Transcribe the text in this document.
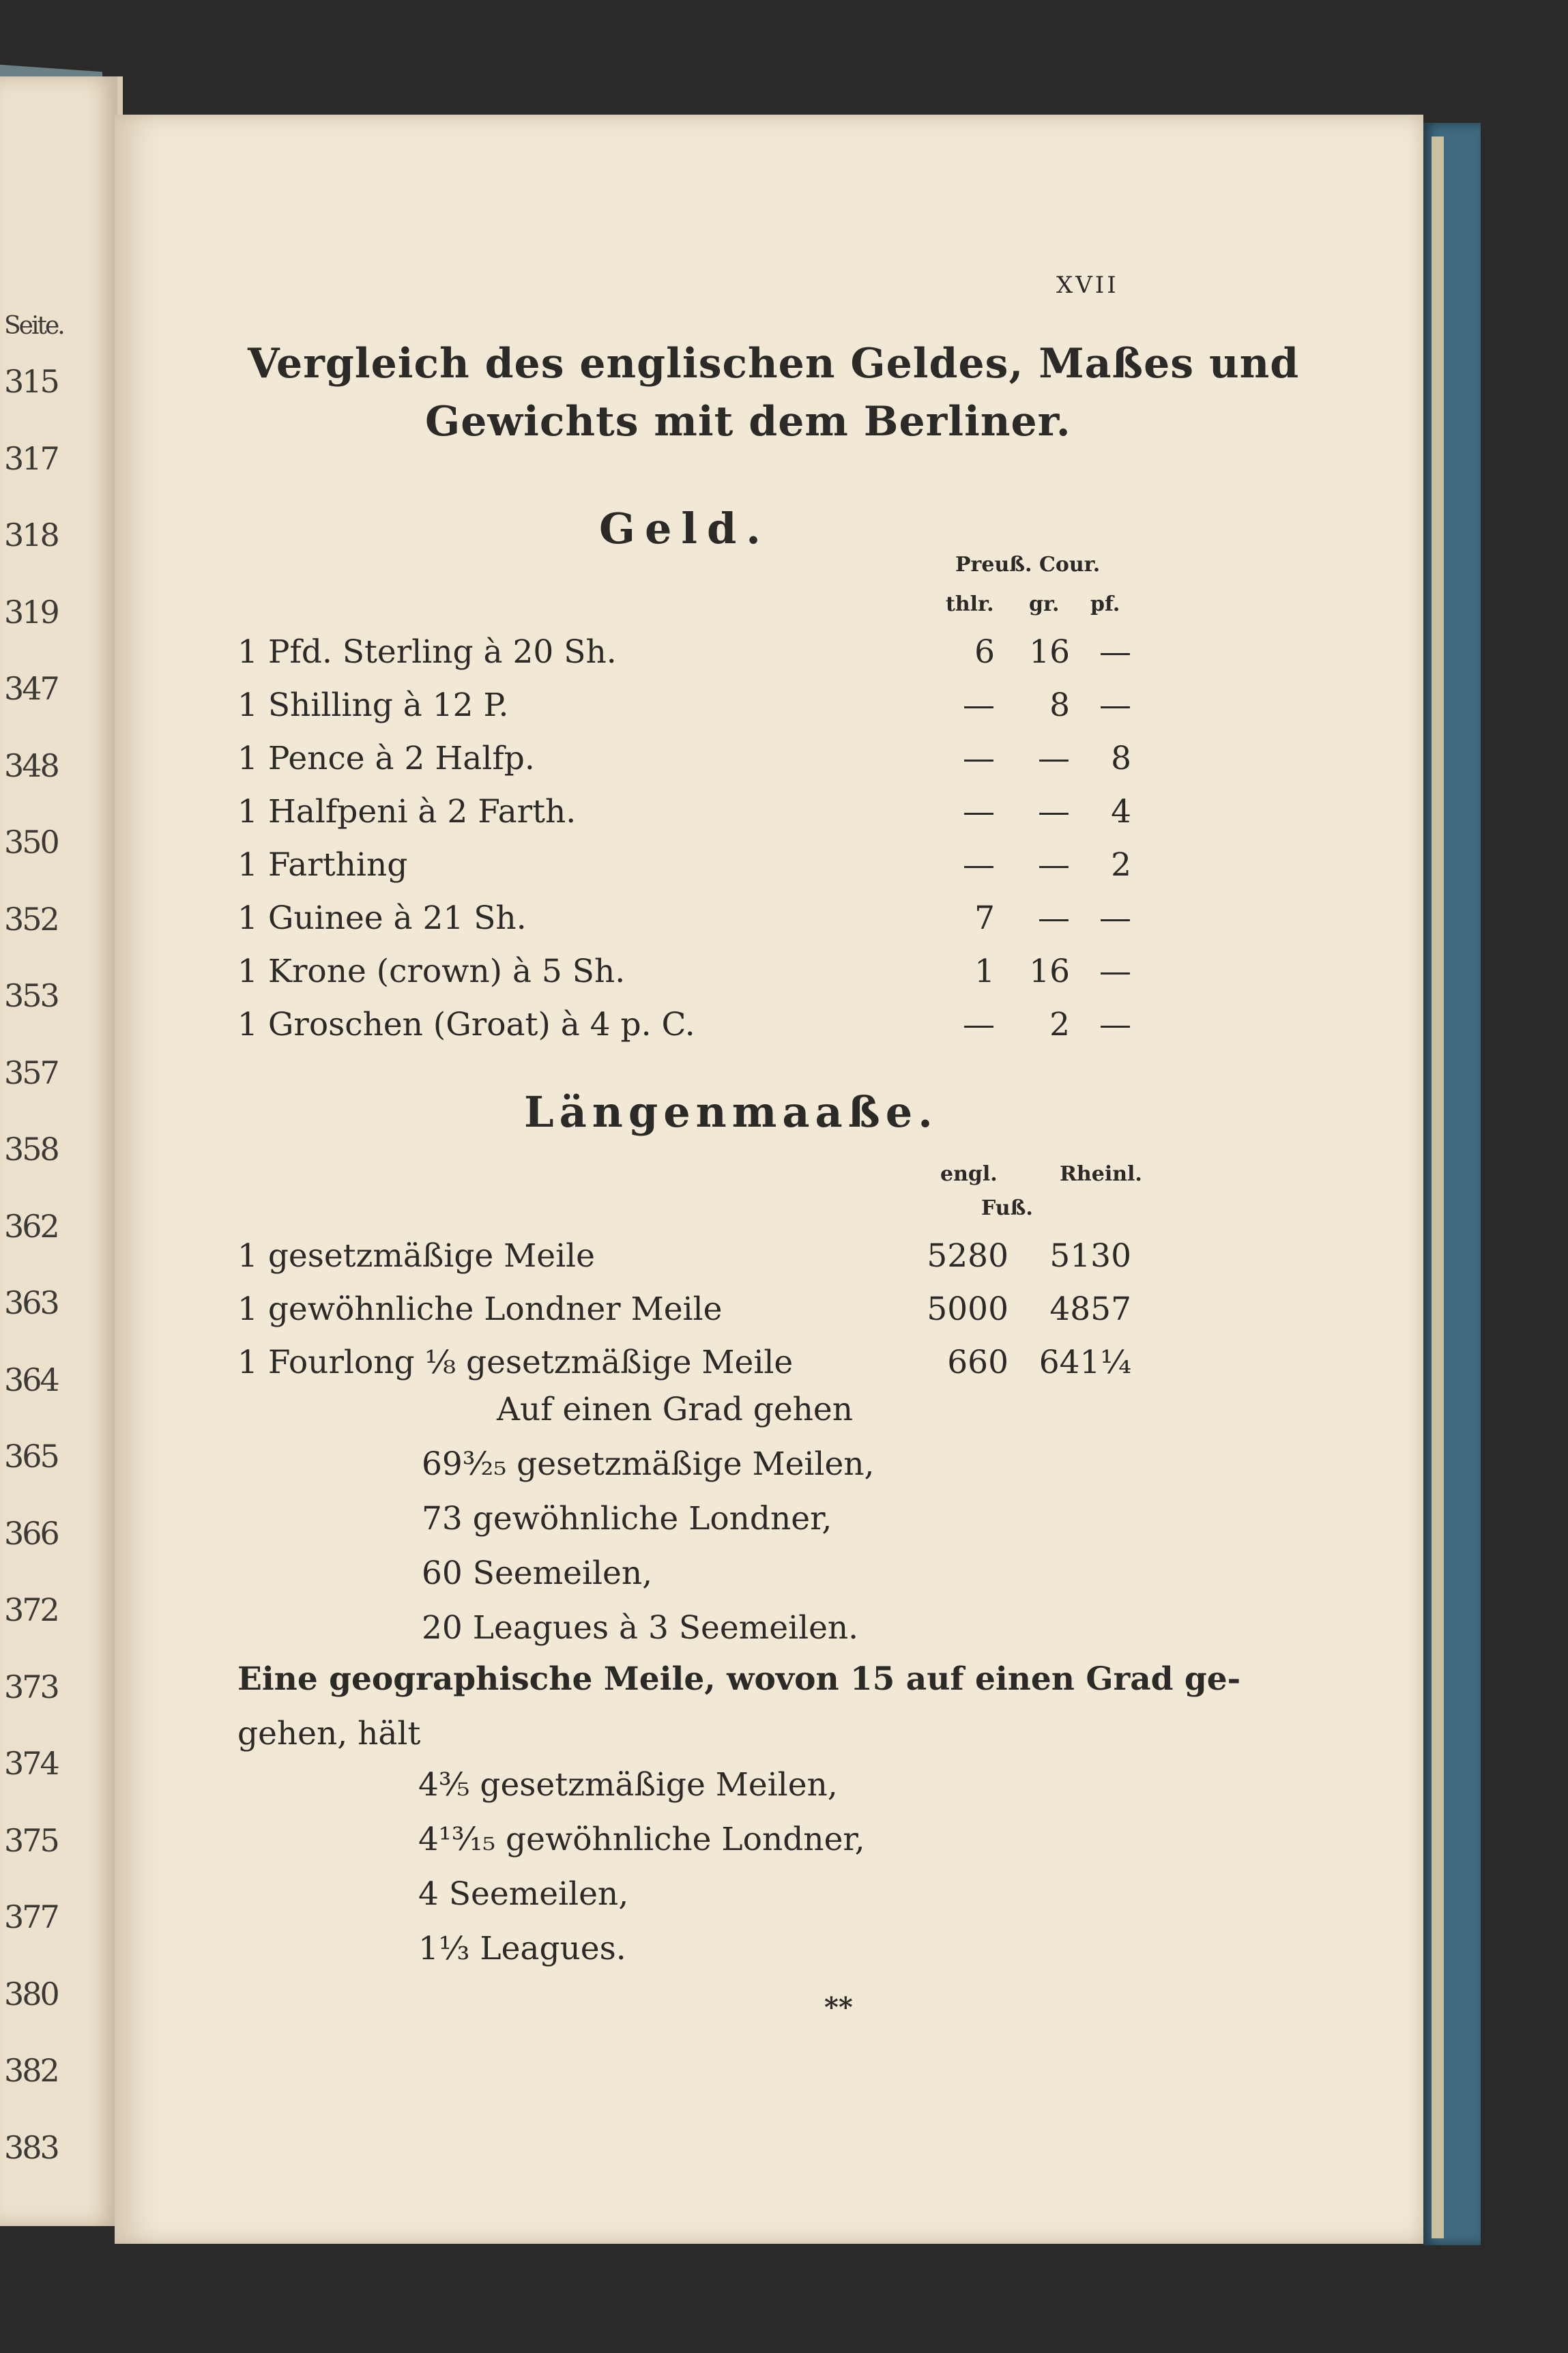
Seite.
315
317
318
319
347
348
350
352
353
357
358
362
363
364
365
366
372
373
374
375
377
380
382
383
XVII
Vergleich des englischen Geldes, Maßes und
Gewichts mit dem Berliner.
Geld.
Preuß. Cour.
thlr. gr. pf.
1 Pfd. Sterling à 20 Sh.	6	16 —
1 Shilling à 12 P.	—	8 —
1 Pence à 2 Halfp.	—	—	8
1 Halfpeni à 2 Farth.	—	—	4
1 Farthing	—	—	2
1 Guinee à 21 Sh.	7	— —
1 Krone (crown) à 5 Sh.	1	16 —
1 Groschen (Groat) à 4 p. C.	—	2 —
Längenmaaße.
engl.	Rheinl.
Fuß.
1 gesetzmäßige Meile	5280	5130
1 gewöhnliche Londner Meile	5000	4857
1 Fourlong ⅛ gesetzmäßige Meile	660 641¼
Auf einen Grad gehen
69³⁄₂₅ gesetzmäßige Meilen,
73 gewöhnliche Londner,
60 Seemeilen,
20 Leagues à 3 Seemeilen.
Eine geographische Meile, wovon 15 auf einen Grad ge-
gehen, hält
4³⁄₅ gesetzmäßige Meilen,
4¹³⁄₁₅ gewöhnliche Londner,
4 Seemeilen,
1⅓ Leagues.
**
